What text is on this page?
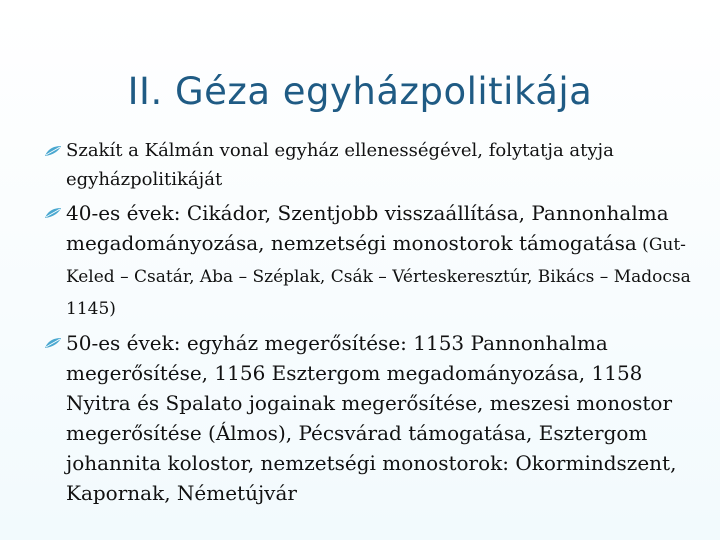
II. Géza egyházpolitikája
Szakít a Kálmán vonal egyház ellenességével, folytatja atyja egyházpolitikáját
40-es évek: Cikádor, Szentjobb visszaállítása, Pannonhalma megadományozása, nemzetségi monostorok támogatása (Gut-Keled – Csatár, Aba – Széplak, Csák – Vérteskeresztúr, Bikács – Madocsa 1145)
50-es évek: egyház megerősítése: 1153 Pannonhalma megerősítése, 1156 Esztergom megadományozása, 1158 Nyitra és Spalato jogainak megerősítése, meszesi monostor megerősítése (Álmos), Pécsvárad támogatása, Esztergom johannita kolostor, nemzetségi monostorok: Okormindszent, Kapornak, Németújvár
